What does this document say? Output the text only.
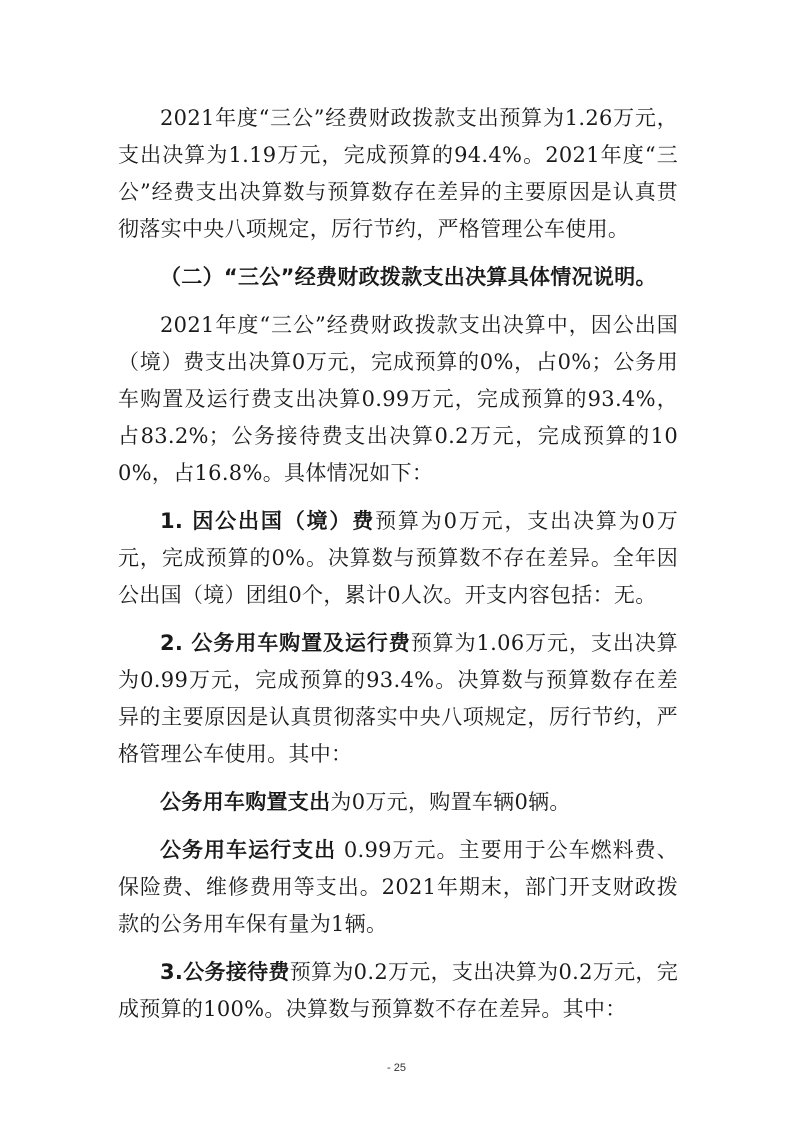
2021年度“三公”经费财政拨款支出预算为1.26万元，支出决算为1.19万元，完成预算的94.4%。2021年度“三公”经费支出决算数与预算数存在差异的主要原因是认真贯彻落实中央八项规定，厉行节约，严格管理公车使用。

（二）“三公”经费财政拨款支出决算具体情况说明。

2021年度“三公”经费财政拨款支出决算中，因公出国（境）费支出决算0万元，完成预算的0%，占0%；公务用车购置及运行费支出决算0.99万元，完成预算的93.4%，占83.2%；公务接待费支出决算0.2万元，完成预算的100%，占16.8%。具体情况如下：

1. 因公出国（境）费预算为0万元，支出决算为0万元，完成预算的0%。决算数与预算数不存在差异。全年因公出国（境）团组0个，累计0人次。开支内容包括：无。

2. 公务用车购置及运行费预算为1.06万元，支出决算为0.99万元，完成预算的93.4%。决算数与预算数存在差异的主要原因是认真贯彻落实中央八项规定，厉行节约，严格管理公车使用。其中：

公务用车购置支出为0万元，购置车辆0辆。

公务用车运行支出 0.99万元。主要用于公车燃料费、保险费、维修费用等支出。2021年期末，部门开支财政拨款的公务用车保有量为1辆。

3.公务接待费预算为0.2万元，支出决算为0.2万元，完成预算的100%。决算数与预算数不存在差异。其中：

- 25
